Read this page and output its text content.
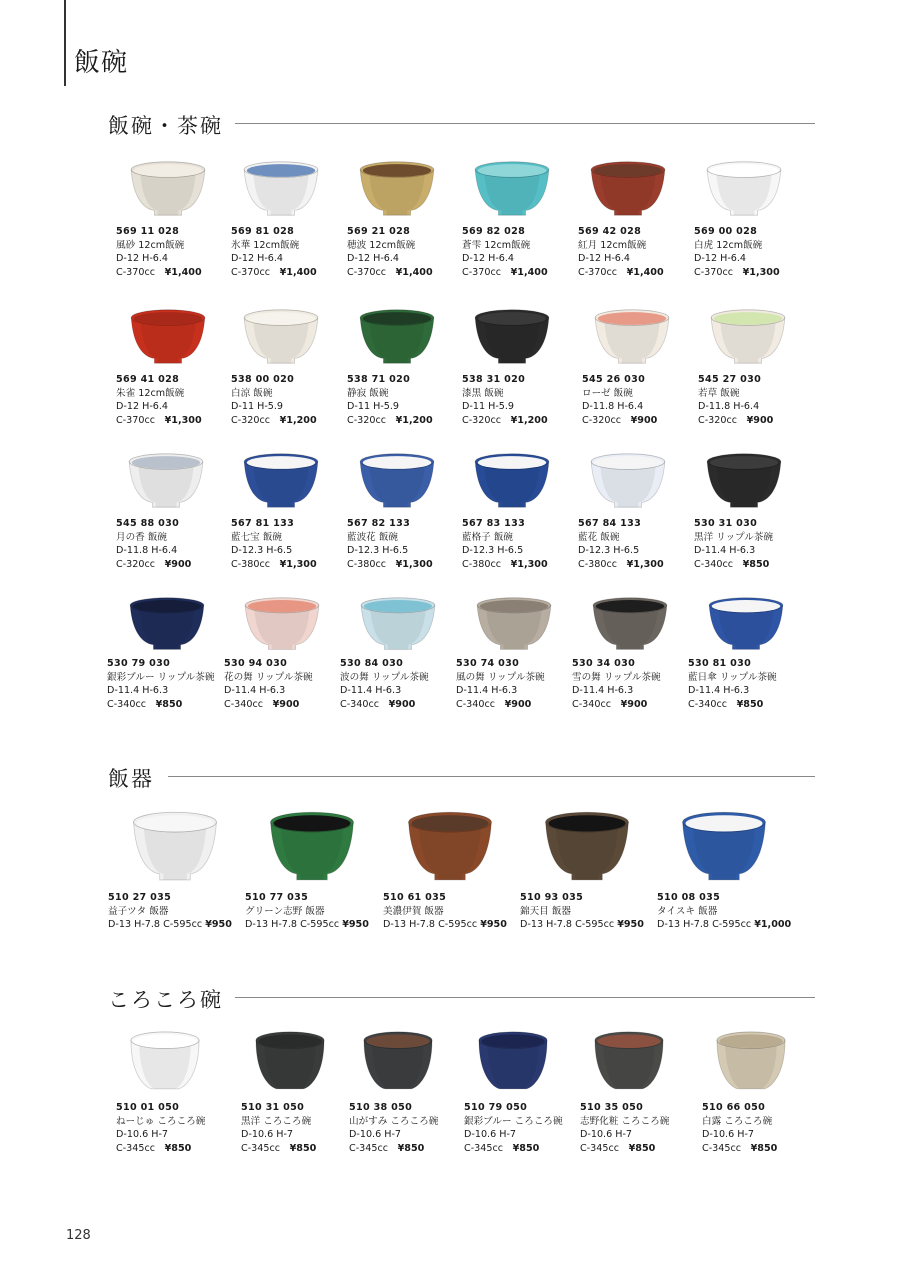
飯碗
飯碗・茶碗
飯器
ころころ碗
569 11 028
風砂 12cm飯碗
D-12 H-6.4
C-370cc  ¥1,400
569 81 028
氷華 12cm飯碗
D-12 H-6.4
C-370cc  ¥1,400
569 21 028
穂波 12cm飯碗
D-12 H-6.4
C-370cc  ¥1,400
569 82 028
蒼雫 12cm飯碗
D-12 H-6.4
C-370cc  ¥1,400
569 42 028
紅月 12cm飯碗
D-12 H-6.4
C-370cc  ¥1,400
569 00 028
白虎 12cm飯碗
D-12 H-6.4
C-370cc  ¥1,300
569 41 028
朱雀 12cm飯碗
D-12 H-6.4
C-370cc  ¥1,300
538 00 020
白涼 飯碗
D-11 H-5.9
C-320cc  ¥1,200
538 71 020
静寂 飯碗
D-11 H-5.9
C-320cc  ¥1,200
538 31 020
漆黒 飯碗
D-11 H-5.9
C-320cc  ¥1,200
545 26 030
ローゼ 飯碗
D-11.8 H-6.4
C-320cc  ¥900
545 27 030
若草 飯碗
D-11.8 H-6.4
C-320cc  ¥900
545 88 030
月の香 飯碗
D-11.8 H-6.4
C-320cc  ¥900
567 81 133
藍七宝 飯碗
D-12.3 H-6.5
C-380cc  ¥1,300
567 82 133
藍波花 飯碗
D-12.3 H-6.5
C-380cc  ¥1,300
567 83 133
藍格子 飯碗
D-12.3 H-6.5
C-380cc  ¥1,300
567 84 133
藍花 飯碗
D-12.3 H-6.5
C-380cc  ¥1,300
530 31 030
黒洋 リップル茶碗
D-11.4 H-6.3
C-340cc  ¥850
530 79 030
銀彩ブルー リップル茶碗
D-11.4 H-6.3
C-340cc  ¥850
530 94 030
花の舞 リップル茶碗
D-11.4 H-6.3
C-340cc  ¥900
530 84 030
波の舞 リップル茶碗
D-11.4 H-6.3
C-340cc  ¥900
530 74 030
風の舞 リップル茶碗
D-11.4 H-6.3
C-340cc  ¥900
530 34 030
雪の舞 リップル茶碗
D-11.4 H-6.3
C-340cc  ¥900
530 81 030
藍日傘 リップル茶碗
D-11.4 H-6.3
C-340cc  ¥850
510 27 035
益子ツタ 飯器
D-13 H-7.8 C-595cc ¥950
510 77 035
グリーン志野 飯器
D-13 H-7.8 C-595cc ¥950
510 61 035
美濃伊賀 飯器
D-13 H-7.8 C-595cc ¥950
510 93 035
錦天目 飯器
D-13 H-7.8 C-595cc ¥950
510 08 035
タイスキ 飯器
D-13 H-7.8 C-595cc ¥1,000
510 01 050
ねーじゅ ころころ碗
D-10.6 H-7
C-345cc  ¥850
510 31 050
黒洋 ころころ碗
D-10.6 H-7
C-345cc  ¥850
510 38 050
山がすみ ころころ碗
D-10.6 H-7
C-345cc  ¥850
510 79 050
銀彩ブルー ころころ碗
D-10.6 H-7
C-345cc  ¥850
510 35 050
志野化粧 ころころ碗
D-10.6 H-7
C-345cc  ¥850
510 66 050
白露 ころころ碗
D-10.6 H-7
C-345cc  ¥850
128
